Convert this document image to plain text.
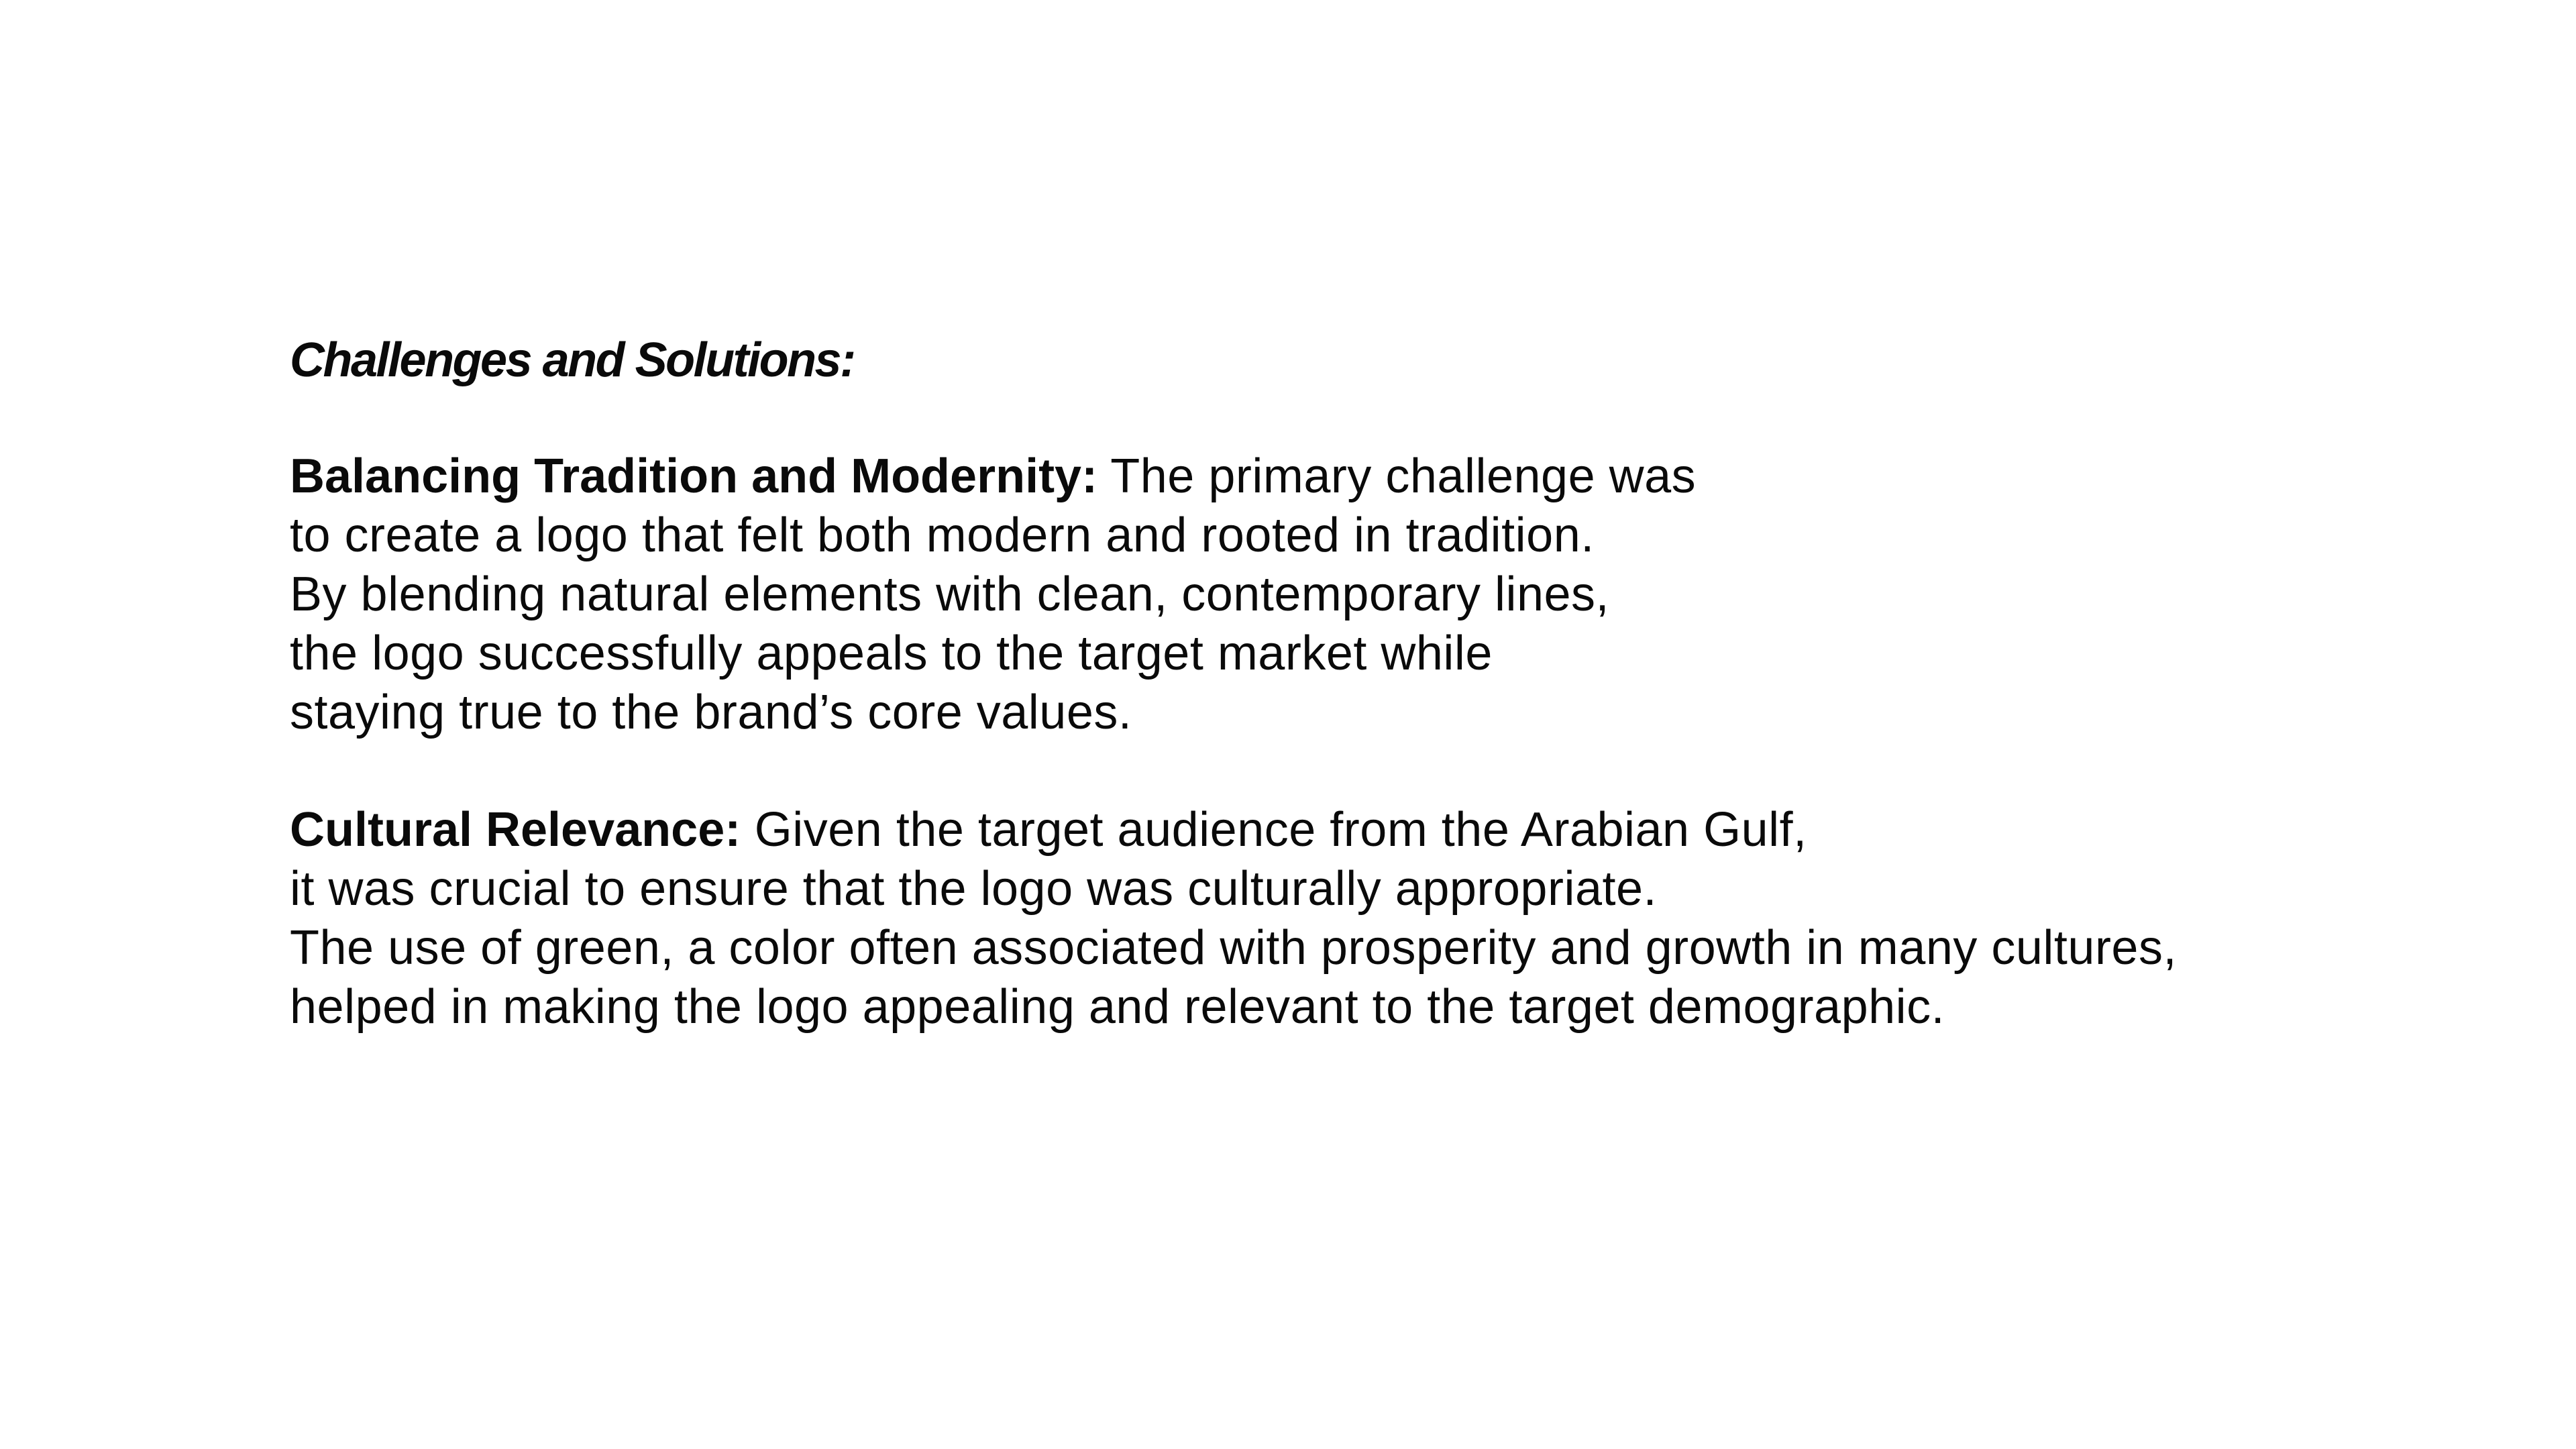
Challenges and Solutions:

Balancing Tradition and Modernity: The primary challenge was
to create a logo that felt both modern and rooted in tradition.
By blending natural elements with clean, contemporary lines,
the logo successfully appeals to the target market while
staying true to the brand’s core values.

Cultural Relevance: Given the target audience from the Arabian Gulf,
it was crucial to ensure that the logo was culturally appropriate.
The use of green, a color often associated with prosperity and growth in many cultures,
helped in making the logo appealing and relevant to the target demographic.
